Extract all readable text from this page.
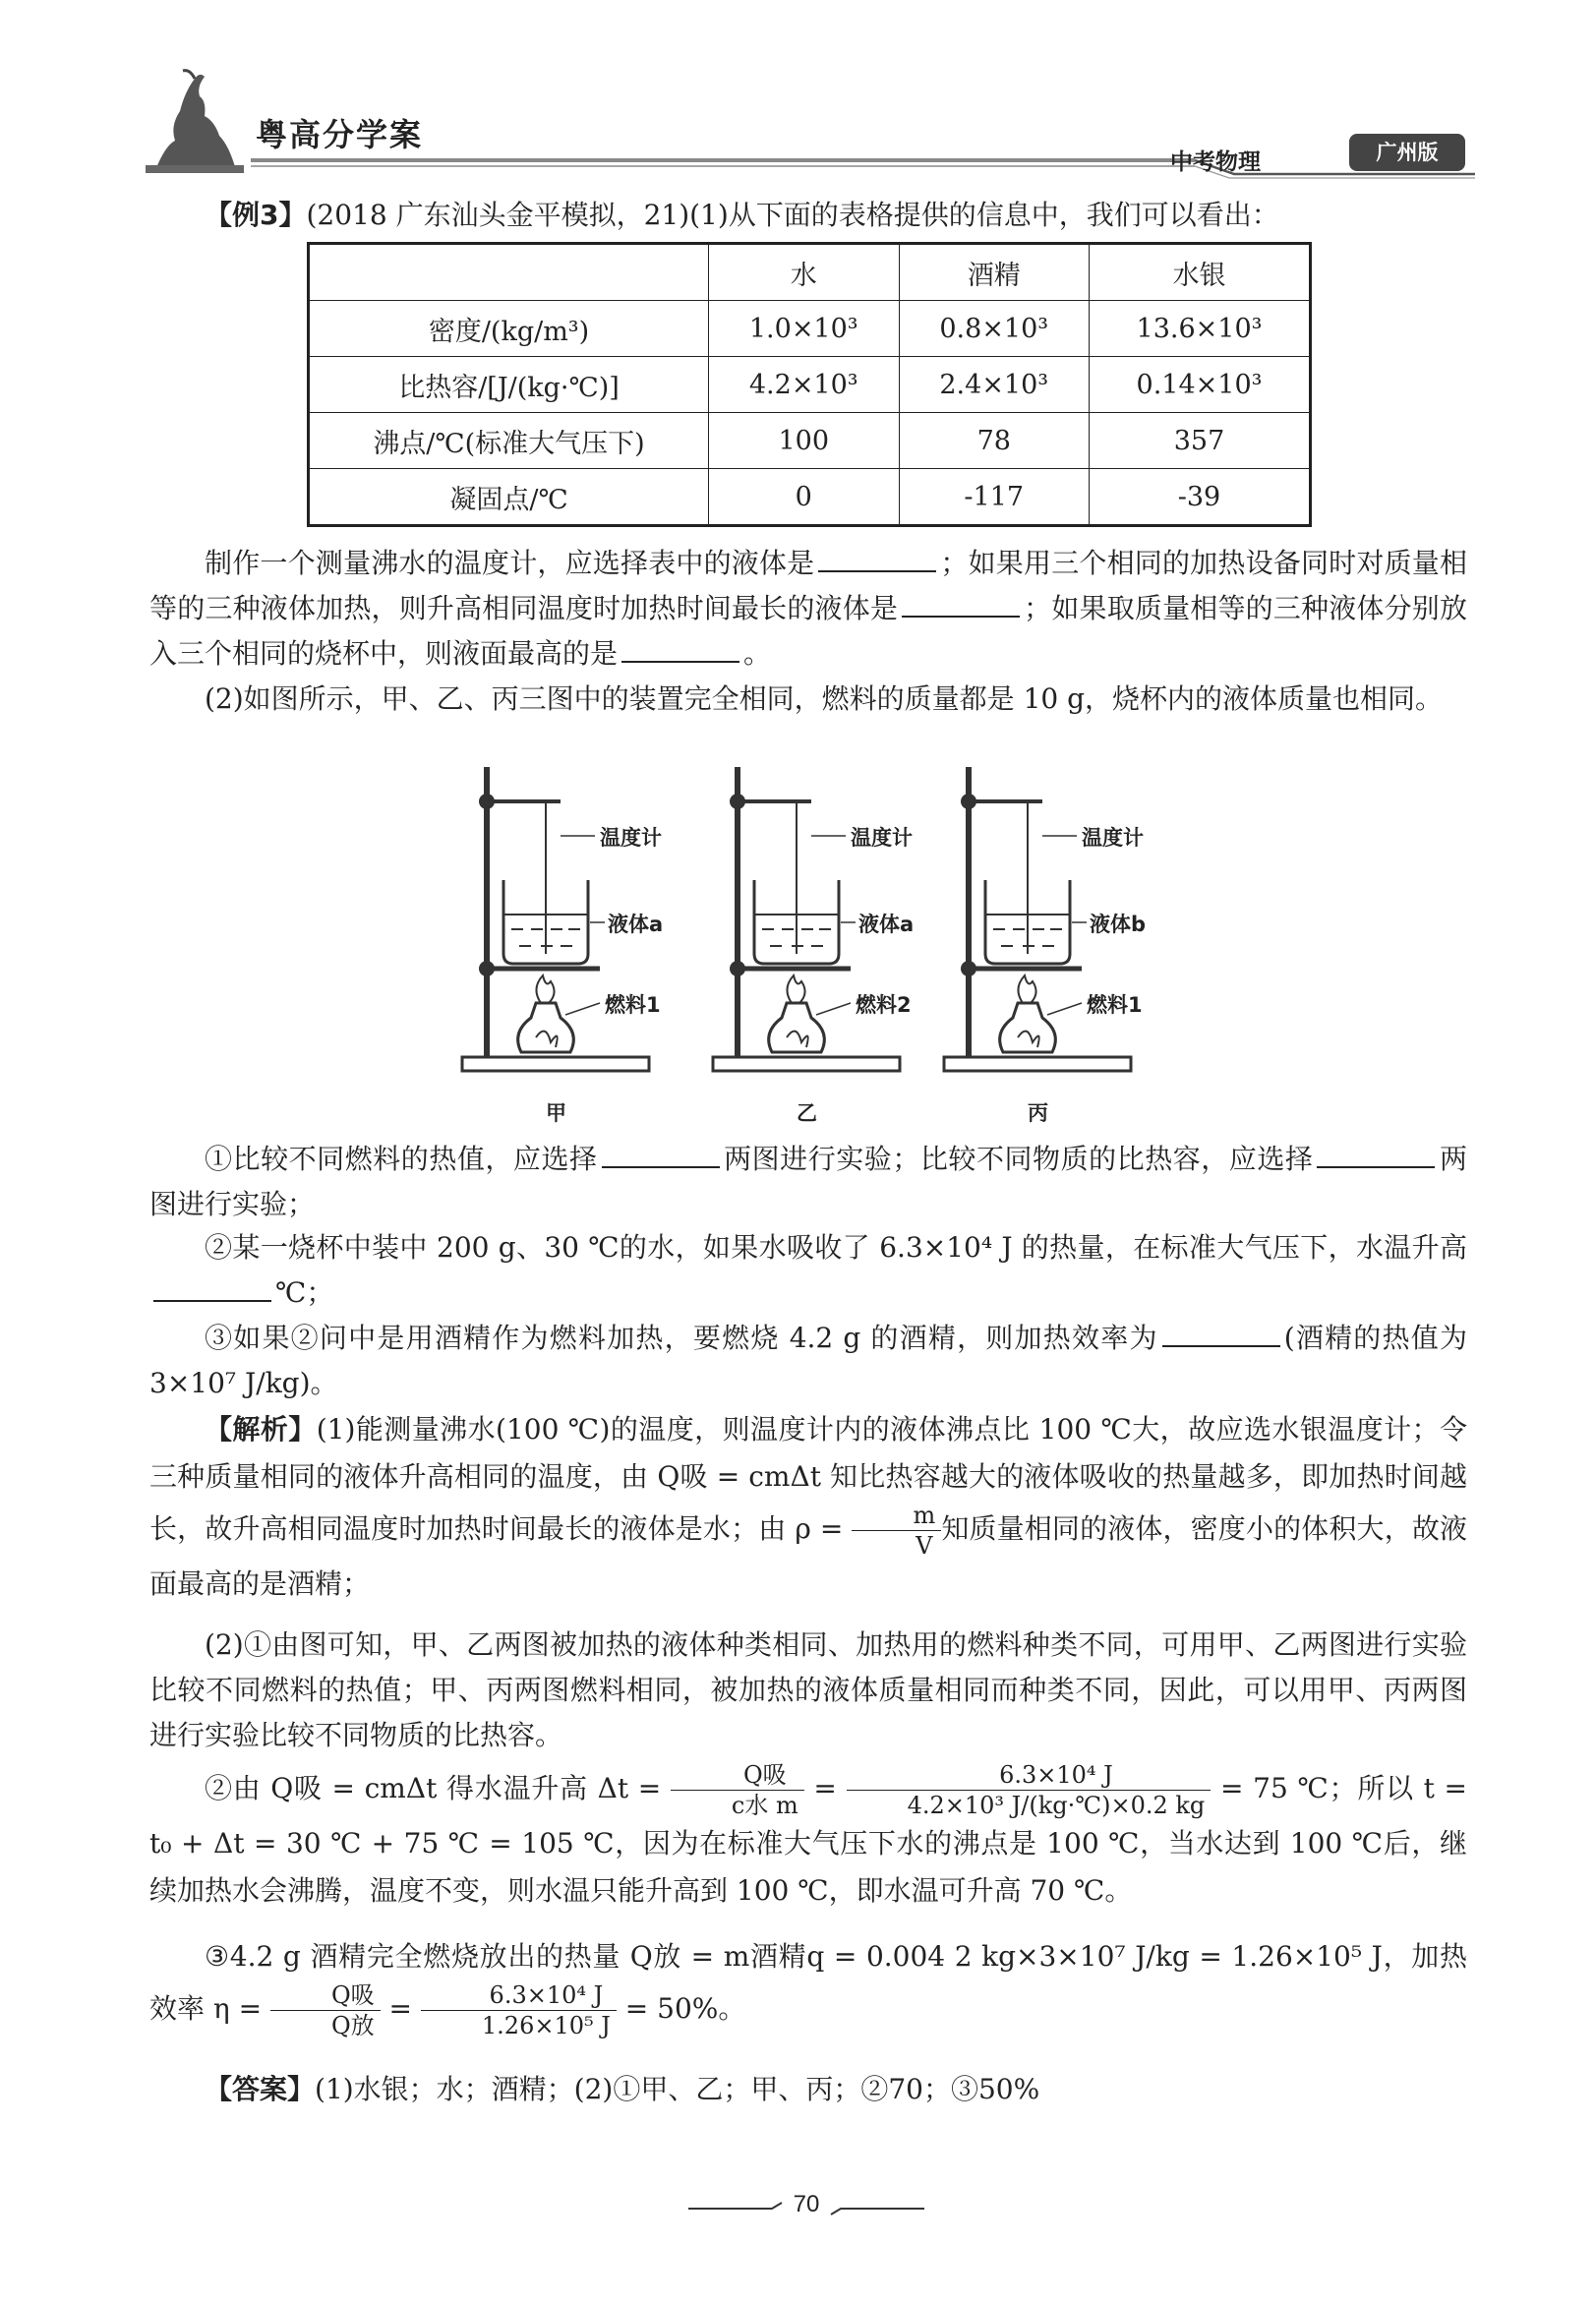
粤高分学案
中考物理	广州版

【例3】(2018 广东汕头金平模拟，21)(1)从下面的表格提供的信息中，我们可以看出：

	水	酒精	水银
密度/(kg/m³)	1.0×10³	0.8×10³	13.6×10³
比热容/[J/(kg·℃)]	4.2×10³	2.4×10³	0.14×10³
沸点/℃(标准大气压下)	100	78	357
凝固点/℃	0	-117	-39

制作一个测量沸水的温度计，应选择表中的液体是	；如果用三个相同的加热设备同时对质量相等的三种液体加热，则升高相同温度时加热时间最长的液体是	；如果取质量相等的三种液体分别放入三个相同的烧杯中，则液面最高的是	。

(2)如图所示，甲、乙、丙三图中的装置完全相同，燃料的质量都是 10 g，烧杯内的液体质量也相同。

温度计
液体a
燃料1
甲
温度计
液体a
燃料2
乙
温度计
液体b
燃料1
丙

①比较不同燃料的热值，应选择	两图进行实验；比较不同物质的比热容，应选择	两图进行实验；

②某一烧杯中装中 200 g、30 ℃的水，如果水吸收了 6.3×10⁴ J 的热量，在标准大气压下，水温升高℃；

③如果②问中是用酒精作为燃料加热，要燃烧 4.2 g 的酒精，则加热效率为	(酒精的热值为 3×10⁷ J/kg)。

【解析】(1)能测量沸水(100 ℃)的温度，则温度计内的液体沸点比 100 ℃大，故应选水银温度计；令三种质量相同的液体升高相同的温度，由 Q吸 = cmΔt 知比热容越大的液体吸收的热量越多，即加热时间越长，故升高相同温度时加热时间最长的液体是水；由 $\rho = \frac{m}{V}$ 知质量相同的液体，密度小的体积大，故液面最高的是酒精；

(2)①由图可知，甲、乙两图被加热的液体种类相同、加热用的燃料种类不同，可用甲、乙两图进行实验比较不同燃料的热值；甲、丙两图燃料相同，被加热的液体质量相同而种类不同，因此，可以用甲、丙两图进行实验比较不同物质的比热容。

②由 Q吸 = cmΔt 得水温升高 $\Delta t = \frac{\text{Q吸}}{\text{c水 m}} = \frac{\text{6.3×10⁴ J}}{\text{4.2×10³ J/(kg·℃)×0.2 kg}} = 75$ ℃；所以 t = t₀ + Δt = 30 ℃ + 75 ℃ = 105 ℃，因为在标准大气压下水的沸点是 100 ℃，当水达到 100 ℃后，继续加热水会沸腾，温度不变，则水温只能升高到 100 ℃，即水温可升高 70 ℃。

③4.2 g 酒精完全燃烧放出的热量 Q放 = m酒精q = 0.004 2 kg×3×10⁷ J/kg = 1.26×10⁵ J，加热效率 $\eta = \frac{\text{Q吸}}{\text{Q放}} = \frac{\text{6.3×10⁴ J}}{\text{1.26×10⁵ J}} = 50\%$。

【答案】(1)水银；水；酒精；(2)①甲、乙；甲、丙；②70；③50%

70
